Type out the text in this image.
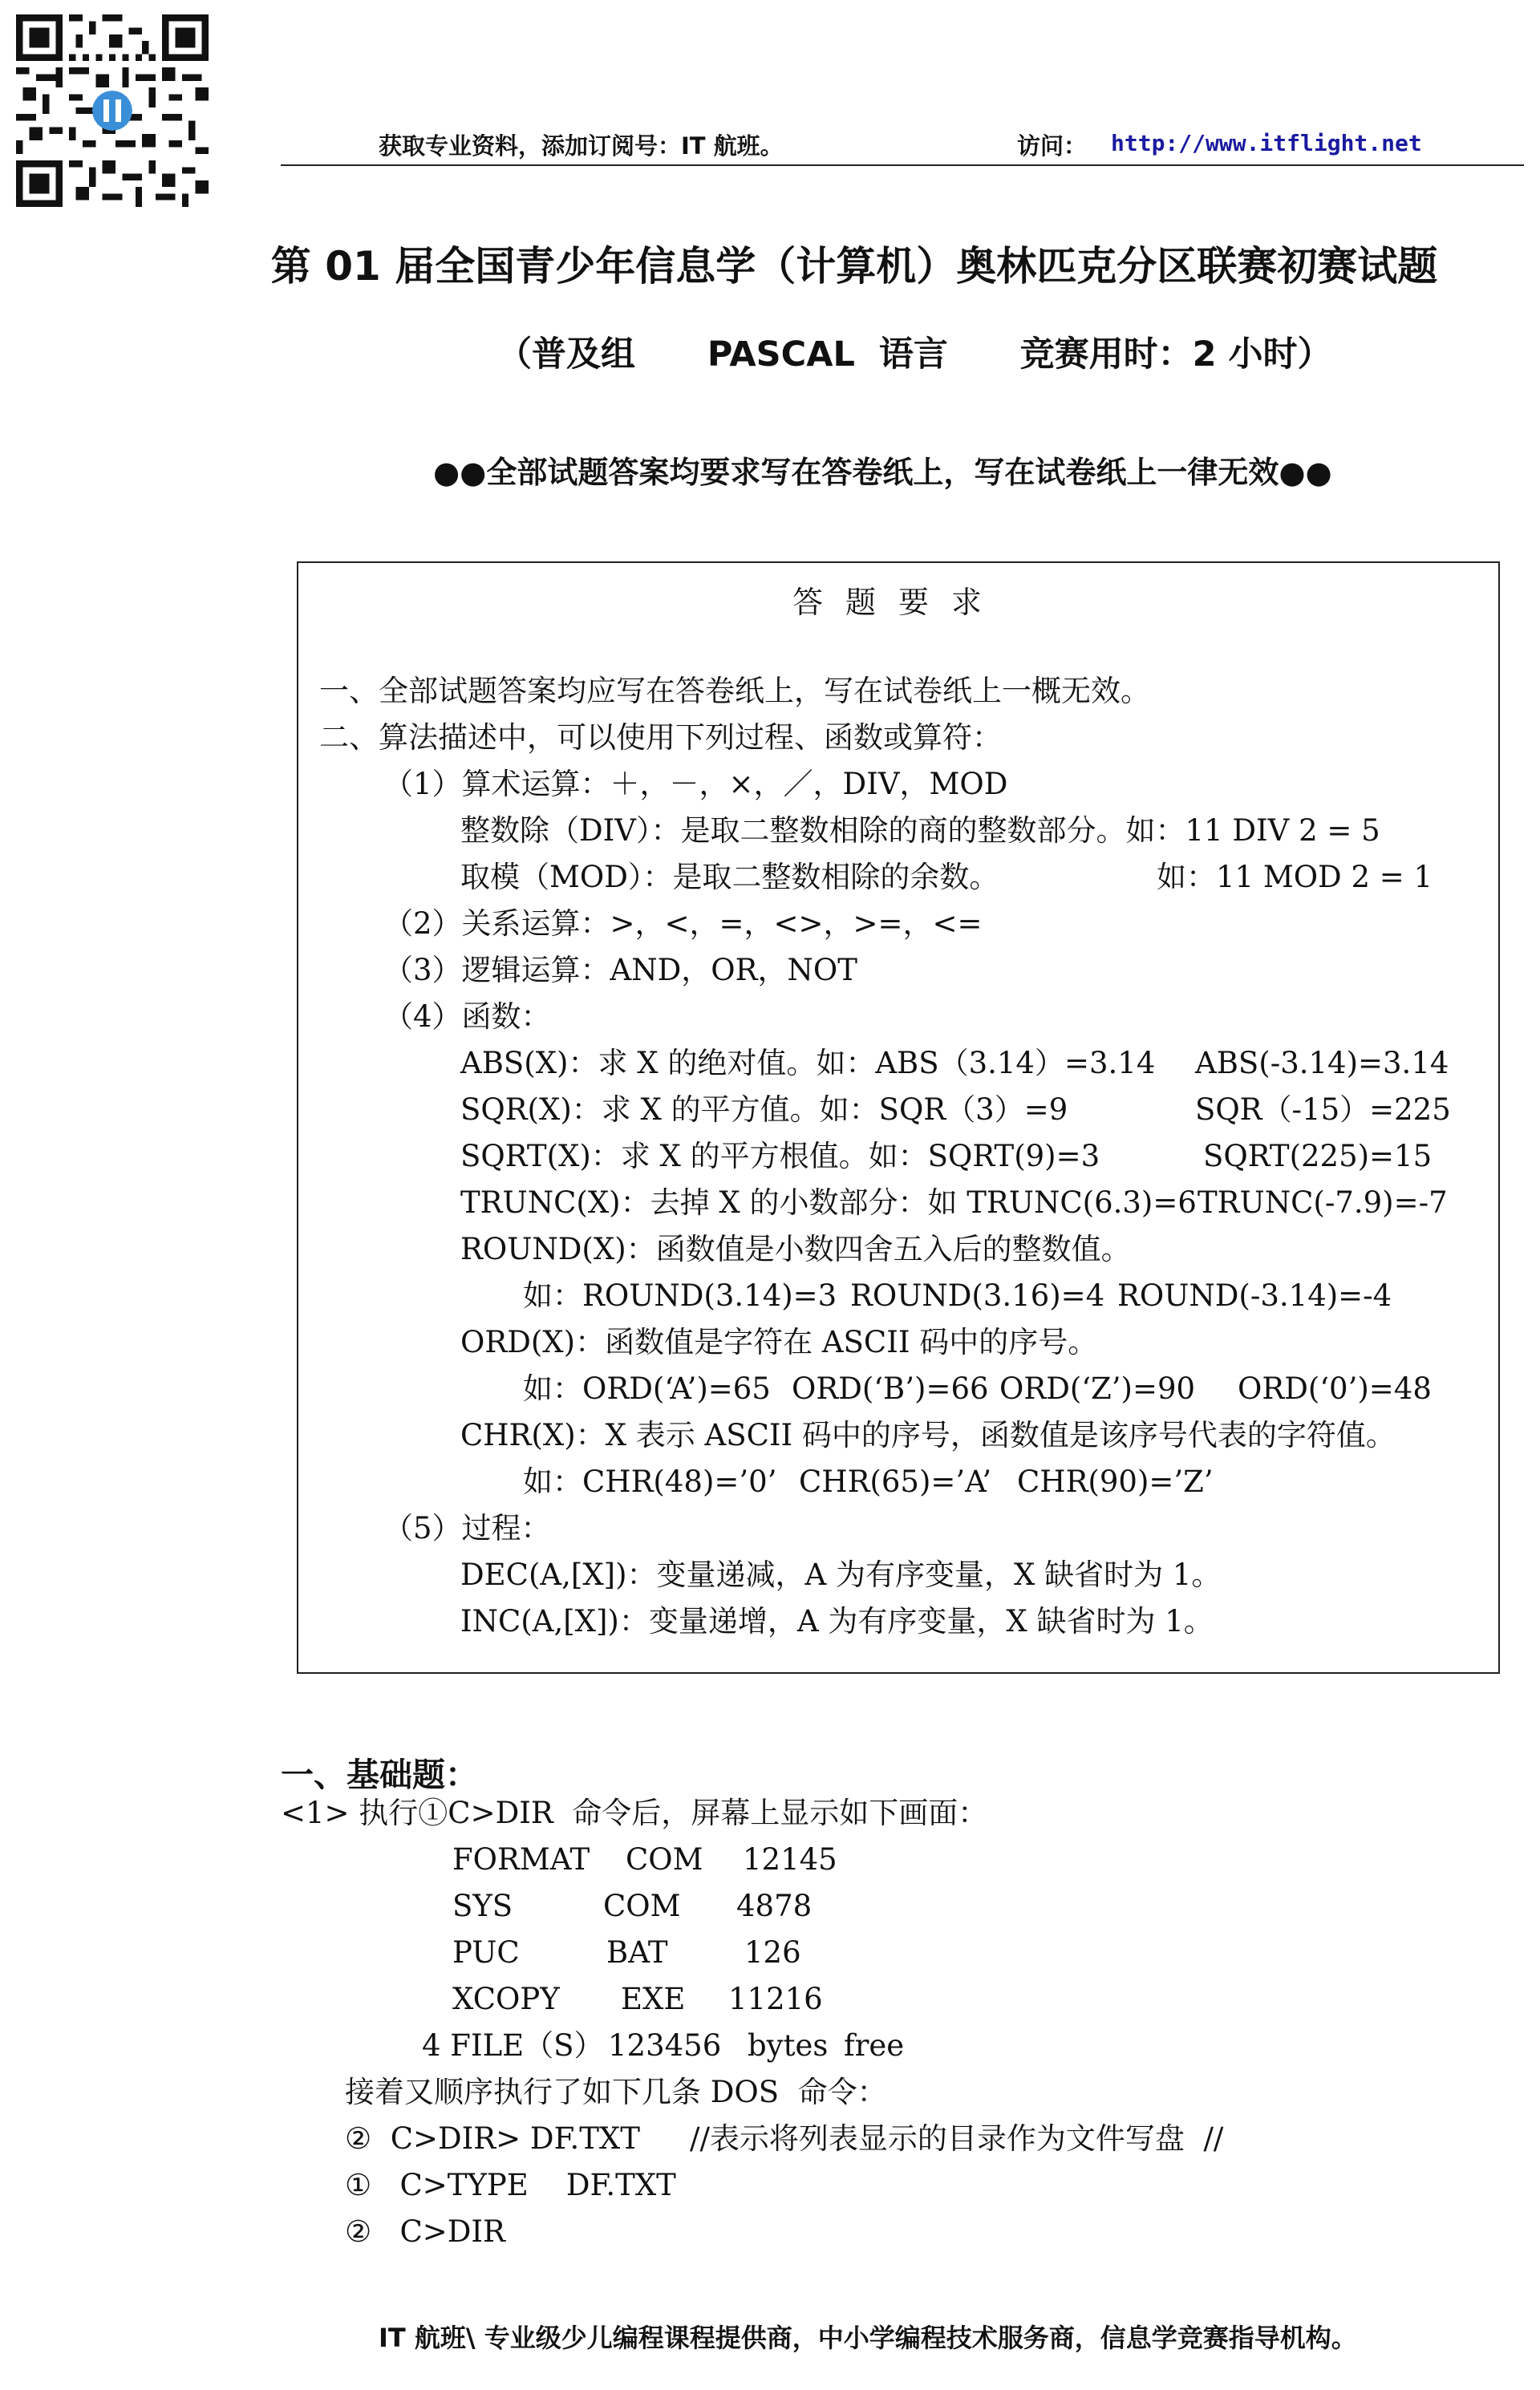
获取专业资料，添加订阅号：IT 航班。	访问： http://www.itflight.net
第 01 届全国青少年信息学（计算机）奥林匹克分区联赛初赛试题
（普及组      PASCAL  语言      竞赛用时：2 小时）
●●全部试题答案均要求写在答卷纸上，写在试卷纸上一律无效●●
答题要求
一、全部试题答案均应写在答卷纸上，写在试卷纸上一概无效。
二、算法描述中，可以使用下列过程、函数或算符：
（1）算术运算：＋，－，×，／，DIV，MOD
整数除（DIV）：是取二整数相除的商的整数部分。如：11 DIV 2 = 5
取模（MOD）：是取二整数相除的余数。	如：11 MOD 2 = 1
（2）关系运算：>，<，=，<>，>=，<=
（3）逻辑运算：AND，OR，NOT
（4）函数：
ABS(X)：求 X 的绝对值。如：ABS（3.14）=3.14 ABS(-3.14)=3.14
SQR(X)：求 X 的平方值。如：SQR（3）=9	SQR（-15）=225
SQRT(X)：求 X 的平方根值。如：SQRT(9)=3	SQRT(225)=15
TRUNC(X)：去掉 X 的小数部分：如 TRUNC(6.3)=6 TRUNC(-7.9)=-7
ROUND(X)：函数值是小数四舍五入后的整数值。
如：ROUND(3.14)=3 ROUND(3.16)=4 ROUND(-3.14)=-4
ORD(X)：函数值是字符在 ASCII 码中的序号。
如：ORD(‘A’)=65 ORD(‘B’)=66 ORD(‘Z’)=90 ORD(‘0’)=48
CHR(X)：X 表示 ASCII 码中的序号，函数值是该序号代表的字符值。
如：CHR(48)=’0’ CHR(65)=’A’ CHR(90)=’Z’
（5）过程：
DEC(A,[X])：变量递减，A 为有序变量，X 缺省时为 1。
INC(A,[X])：变量递增，A 为有序变量，X 缺省时为 1。
一、基础题：
<1> 执行①C>DIR  命令后，屏幕上显示如下画面：
FORMAT COM 12145
SYS	COM 4878
PUC	BAT	126
XCOPY EXE 11216
4 FILE（S） 123456 bytes free
接着又顺序执行了如下几条 DOS  命令：
②  C>DIR> DF.TXT //表示将列表显示的目录作为文件写盘  //
①   C>TYPE    DF.TXT
②   C>DIR
IT 航班\ 专业级少儿编程课程提供商，中小学编程技术服务商，信息学竞赛指导机构。
